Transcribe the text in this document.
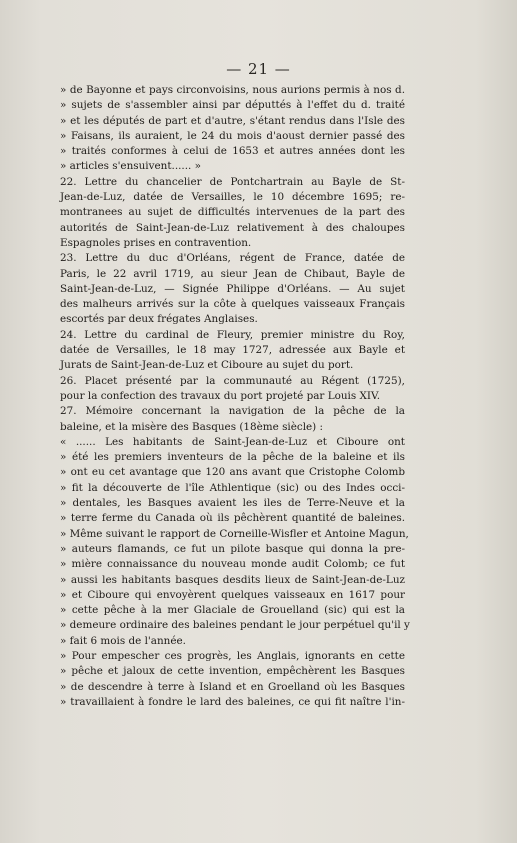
— 21 —

» de Bayonne et pays circonvoisins, nous aurions permis à nos d.
» sujets de s'assembler ainsi par députtés à l'effet du d. traité
» et les députés de part et d'autre, s'étant rendus dans l'Isle des
» Faisans, ils auraient, le 24 du mois d'aoust dernier passé des
» traités conformes à celui de 1653 et autres années dont les
» articles s'ensuivent...... »

22. Lettre du chancelier de Pontchartrain au Bayle de St-
Jean-de-Luz, datée de Versailles, le 10 décembre 1695; re-
montranees au sujet de difficultés intervenues de la part des
autorités de Saint-Jean-de-Luz relativement à des chaloupes
Espagnoles prises en contravention.

23. Lettre du duc d'Orléans, régent de France, datée de
Paris, le 22 avril 1719, au sieur Jean de Chibaut, Bayle de
Saint-Jean-de-Luz, — Signée Philippe d'Orléans. — Au sujet
des malheurs arrivés sur la côte à quelques vaisseaux Français
escortés par deux frégates Anglaises.

24. Lettre du cardinal de Fleury, premier ministre du Roy,
datée de Versailles, le 18 may 1727, adressée aux Bayle et
Jurats de Saint-Jean-de-Luz et Ciboure au sujet du port.

26. Placet présenté par la communauté au Régent (1725),
pour la confection des travaux du port projeté par Louis XIV.

27. Mémoire concernant la navigation de la pêche de la
baleine, et la misère des Basques (18ème siècle) :

« ...... Les habitants de Saint-Jean-de-Luz et Ciboure ont
» été les premiers inventeurs de la pêche de la baleine et ils
» ont eu cet avantage que 120 ans avant que Cristophe Colomb
» fit la découverte de l'île Athlentique (sic) ou des Indes occi-
» dentales, les Basques avaient les iles de Terre-Neuve et la
» terre ferme du Canada où ils pêchèrent quantité de baleines.
» Même suivant le rapport de Corneille-Wisfler et Antoine Magun,
» auteurs flamands, ce fut un pilote basque qui donna la pre-
» mière connaissance du nouveau monde audit Colomb; ce fut
» aussi les habitants basques desdits lieux de Saint-Jean-de-Luz
» et Ciboure qui envoyèrent quelques vaisseaux en 1617 pour
» cette pêche à la mer Glaciale de Grouelland (sic) qui est la
» demeure ordinaire des baleines pendant le jour perpétuel qu'il y
» fait 6 mois de l'année.

» Pour empescher ces progrès, les Anglais, ignorants en cette
» pêche et jaloux de cette invention, empêchèrent les Basques
» de descendre à terre à Island et en Groelland où les Basques
» travaillaient à fondre le lard des baleines, ce qui fit naître l'in-
